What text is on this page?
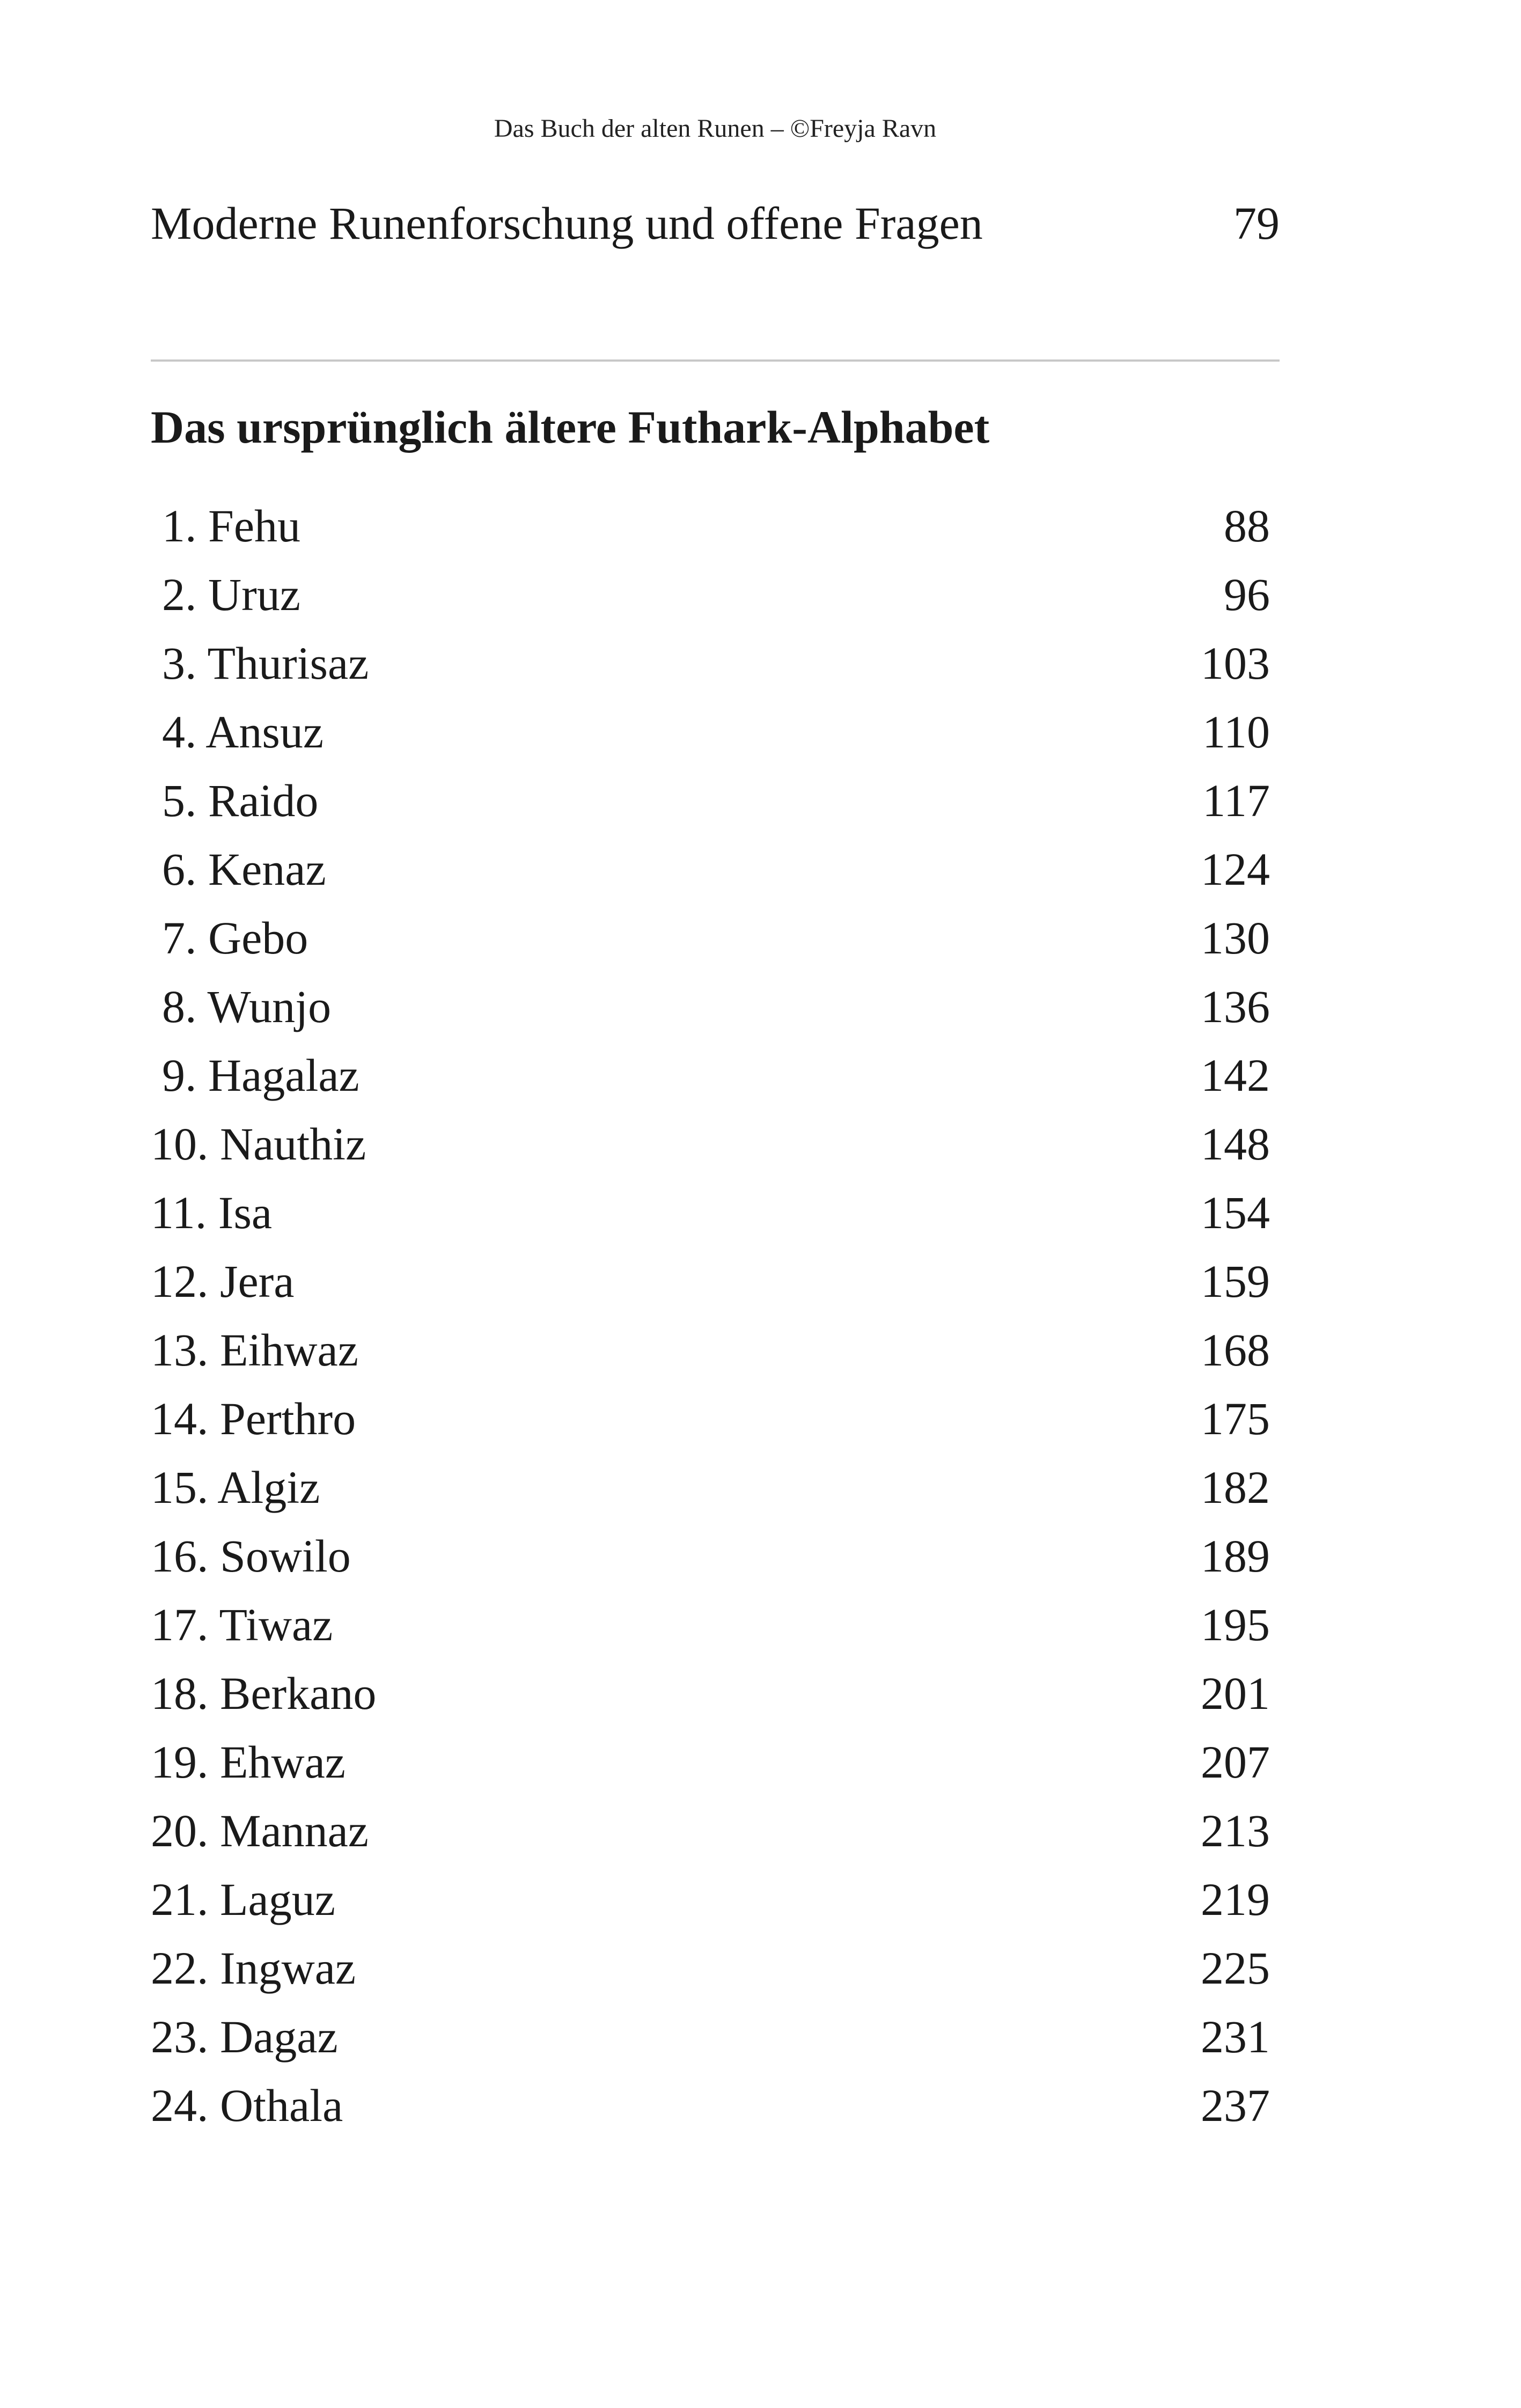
Das Buch der alten Runen – ©Freyja Ravn
Moderne Runenforschung und offene Fragen	79
Das ursprünglich ältere Futhark-Alphabet
1. Fehu	88
2. Uruz	96
3. Thurisaz	103
4. Ansuz	110
5. Raido	117
6. Kenaz	124
7. Gebo	130
8. Wunjo	136
9. Hagalaz	142
10. Nauthiz	148
11. Isa	154
12. Jera	159
13. Eihwaz	168
14. Perthro	175
15. Algiz	182
16. Sowilo	189
17. Tiwaz	195
18. Berkano	201
19. Ehwaz	207
20. Mannaz	213
21. Laguz	219
22. Ingwaz	225
23. Dagaz	231
24. Othala	237
